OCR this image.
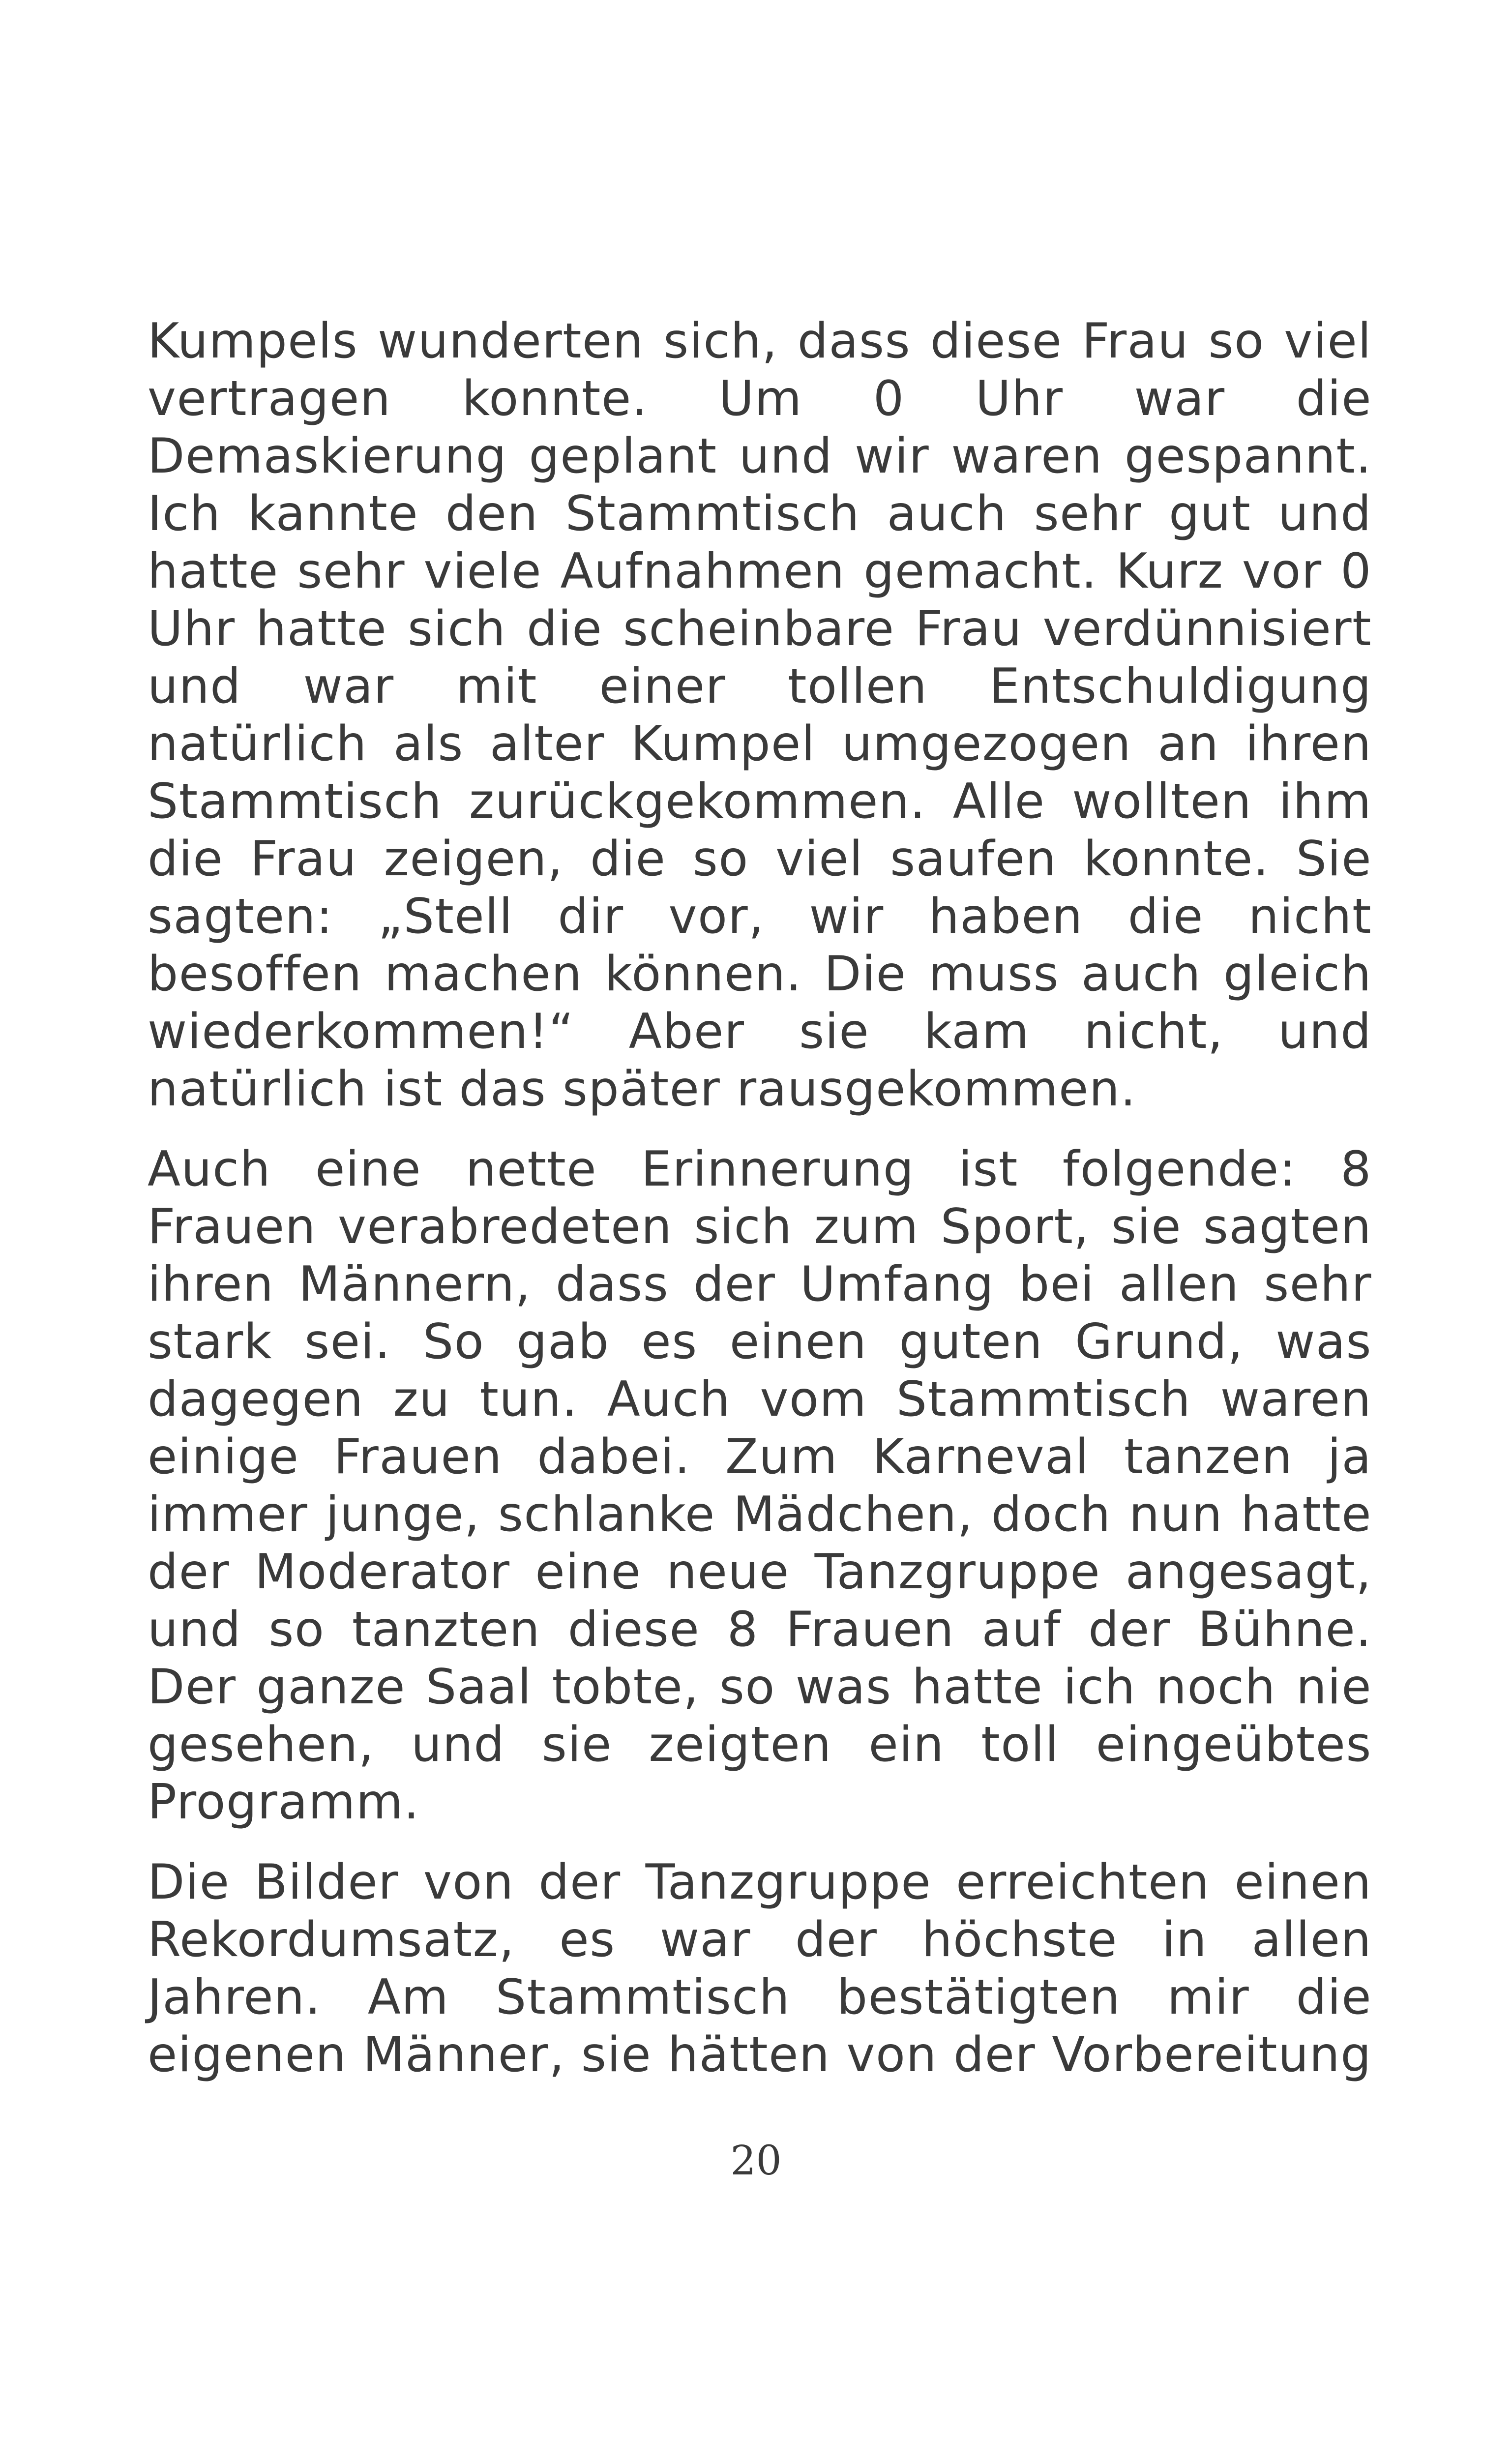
Kumpels wunderten sich, dass diese Frau so viel vertragen konnte. Um 0 Uhr war die Demaskierung geplant und wir waren gespannt. Ich kannte den Stammtisch auch sehr gut und hatte sehr viele Aufnahmen gemacht. Kurz vor 0 Uhr hatte sich die scheinbare Frau verdünnisiert und war mit einer tollen Entschuldigung natürlich als alter Kumpel umgezogen an ihren Stammtisch zurückgekommen. Alle wollten ihm die Frau zeigen, die so viel saufen konnte. Sie sagten: „Stell dir vor, wir haben die nicht besoffen machen können. Die muss auch gleich wiederkommen!“ Aber sie kam nicht, und natürlich ist das später rausgekommen.

Auch eine nette Erinnerung ist folgende: 8 Frauen verabredeten sich zum Sport, sie sagten ihren Männern, dass der Umfang bei allen sehr stark sei. So gab es einen guten Grund, was dagegen zu tun. Auch vom Stammtisch waren einige Frauen dabei. Zum Karneval tanzen ja immer junge, schlanke Mädchen, doch nun hatte der Moderator eine neue Tanzgruppe angesagt, und so tanzten diese 8 Frauen auf der Bühne. Der ganze Saal tobte, so was hatte ich noch nie gesehen, und sie zeigten ein toll eingeübtes Programm.

Die Bilder von der Tanzgruppe erreichten einen Rekordumsatz, es war der höchste in allen Jahren. Am Stammtisch bestätigten mir die eigenen Männer, sie hätten von der Vorbereitung

20
